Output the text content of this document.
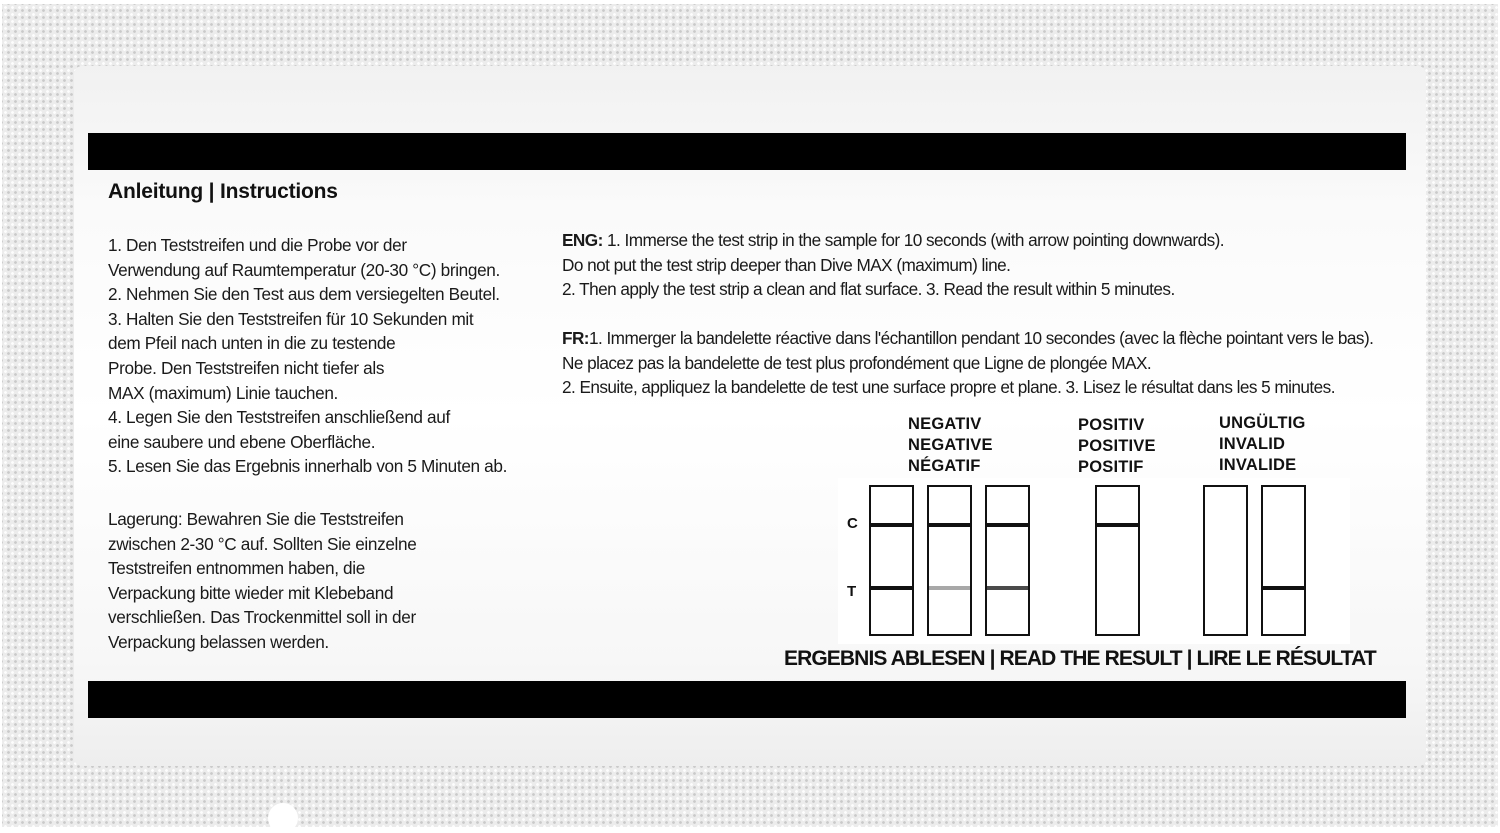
Anleitung | Instructions
1. Den Teststreifen und die Probe vor der
Verwendung auf Raumtemperatur (20-30 °C) bringen.
2. Nehmen Sie den Test aus dem versiegelten Beutel.
3. Halten Sie den Teststreifen für 10 Sekunden mit
dem Pfeil nach unten in die zu testende
Probe. Den Teststreifen nicht tiefer als
MAX (maximum) Linie tauchen.
4. Legen Sie den Teststreifen anschließend auf
eine saubere und ebene Oberfläche.
5. Lesen Sie das Ergebnis innerhalb von 5 Minuten ab.
Lagerung: Bewahren Sie die Teststreifen
zwischen 2-30 °C auf. Sollten Sie einzelne
Teststreifen entnommen haben, die
Verpackung bitte wieder mit Klebeband
verschließen. Das Trockenmittel soll in der
Verpackung belassen werden.
ENG: 1. Immerse the test strip in the sample for 10 seconds (with arrow pointing downwards).
Do not put the test strip deeper than Dive MAX (maximum) line.
2. Then apply the test strip a clean and flat surface. 3. Read the result within 5 minutes.
FR:1. Immerger la bandelette réactive dans l'échantillon pendant 10 secondes (avec la flèche pointant vers le bas).
Ne placez pas la bandelette de test plus profondément que Ligne de plongée MAX.
2. Ensuite, appliquez la bandelette de test une surface propre et plane. 3. Lisez le résultat dans les 5 minutes.
NEGATIV
NEGATIVE
NÉGATIF
POSITIV
POSITIVE
POSITIF
UNGÜLTIG
INVALID
INVALIDE
C
T
ERGEBNIS ABLESEN | READ THE RESULT | LIRE LE RÉSULTAT
